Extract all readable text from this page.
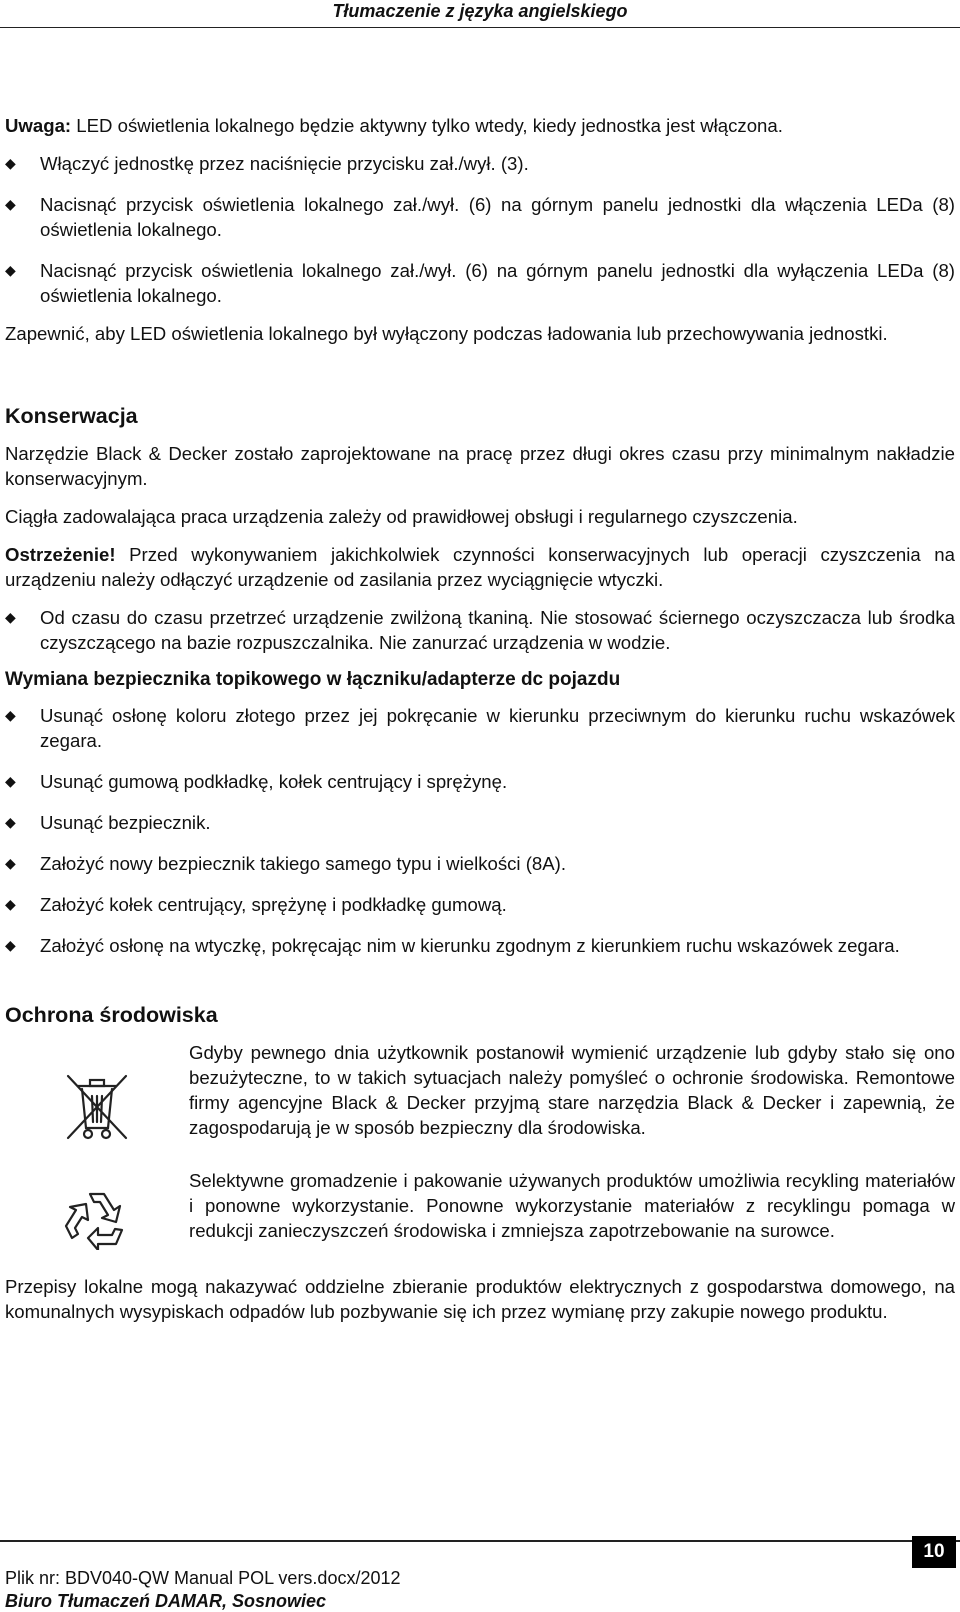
Tłumaczenie z języka angielskiego

Uwaga: LED oświetlenia lokalnego będzie aktywny tylko wtedy, kiedy jednostka jest włączona.

◆ Włączyć jednostkę przez naciśnięcie przycisku zał./wył. (3).
◆ Nacisnąć przycisk oświetlenia lokalnego zał./wył. (6) na górnym panelu jednostki dla włączenia LEDa (8) oświetlenia lokalnego.
◆ Nacisnąć przycisk oświetlenia lokalnego zał./wył. (6) na górnym panelu jednostki dla wyłączenia LEDa (8) oświetlenia lokalnego.

Zapewnić, aby LED oświetlenia lokalnego był wyłączony podczas ładowania lub przechowywania jednostki.

Konserwacja

Narzędzie Black & Decker zostało zaprojektowane na pracę przez długi okres czasu przy minimalnym nakładzie konserwacyjnym.

Ciągła zadowalająca praca urządzenia zależy od prawidłowej obsługi i regularnego czyszczenia.

Ostrzeżenie! Przed wykonywaniem jakichkolwiek czynności konserwacyjnych lub operacji czyszczenia na urządzeniu należy odłączyć urządzenie od zasilania przez wyciągnięcie wtyczki.

◆ Od czasu do czasu przetrzeć urządzenie zwilżoną tkaniną. Nie stosować ściernego oczyszczacza lub środka czyszczącego na bazie rozpuszczalnika. Nie zanurzać urządzenia w wodzie.
Wymiana bezpiecznika topikowego w łączniku/adapterze dc pojazdu
◆ Usunąć osłonę koloru złotego przez jej pokręcanie w kierunku przeciwnym do kierunku ruchu wskazówek zegara.
◆ Usunąć gumową podkładkę, kołek centrujący i sprężynę.
◆ Usunąć bezpiecznik.
◆ Założyć nowy bezpiecznik takiego samego typu i wielkości (8A).
◆ Założyć kołek centrujący, sprężynę i podkładkę gumową.
◆ Założyć osłonę na wtyczkę, pokręcając nim w kierunku zgodnym z kierunkiem ruchu wskazówek zegara.
Ochrona środowiska
Gdyby pewnego dnia użytkownik postanowił wymienić urządzenie lub gdyby stało się ono bezużyteczne, to w takich sytuacjach należy pomyśleć o ochronie środowiska. Remontowe firmy agencyjne Black & Decker przyjmą stare narzędzia Black & Decker i zapewnią, że zagospodarują je w sposób bezpieczny dla środowiska.
Selektywne gromadzenie i pakowanie używanych produktów umożliwia recykling materiałów i ponowne wykorzystanie. Ponowne wykorzystanie materiałów z recyklingu pomaga w redukcji zanieczyszczeń środowiska i zmniejsza zapotrzebowanie na surowce.

Przepisy lokalne mogą nakazywać oddzielne zbieranie produktów elektrycznych z gospodarstwa domowego, na komunalnych wysypiskach odpadów lub pozbywanie się ich przez wymianę przy zakupie nowego produktu.

10
Plik nr: BDV040-QW Manual POL vers.docx/2012
Biuro Tłumaczeń DAMAR, Sosnowiec
